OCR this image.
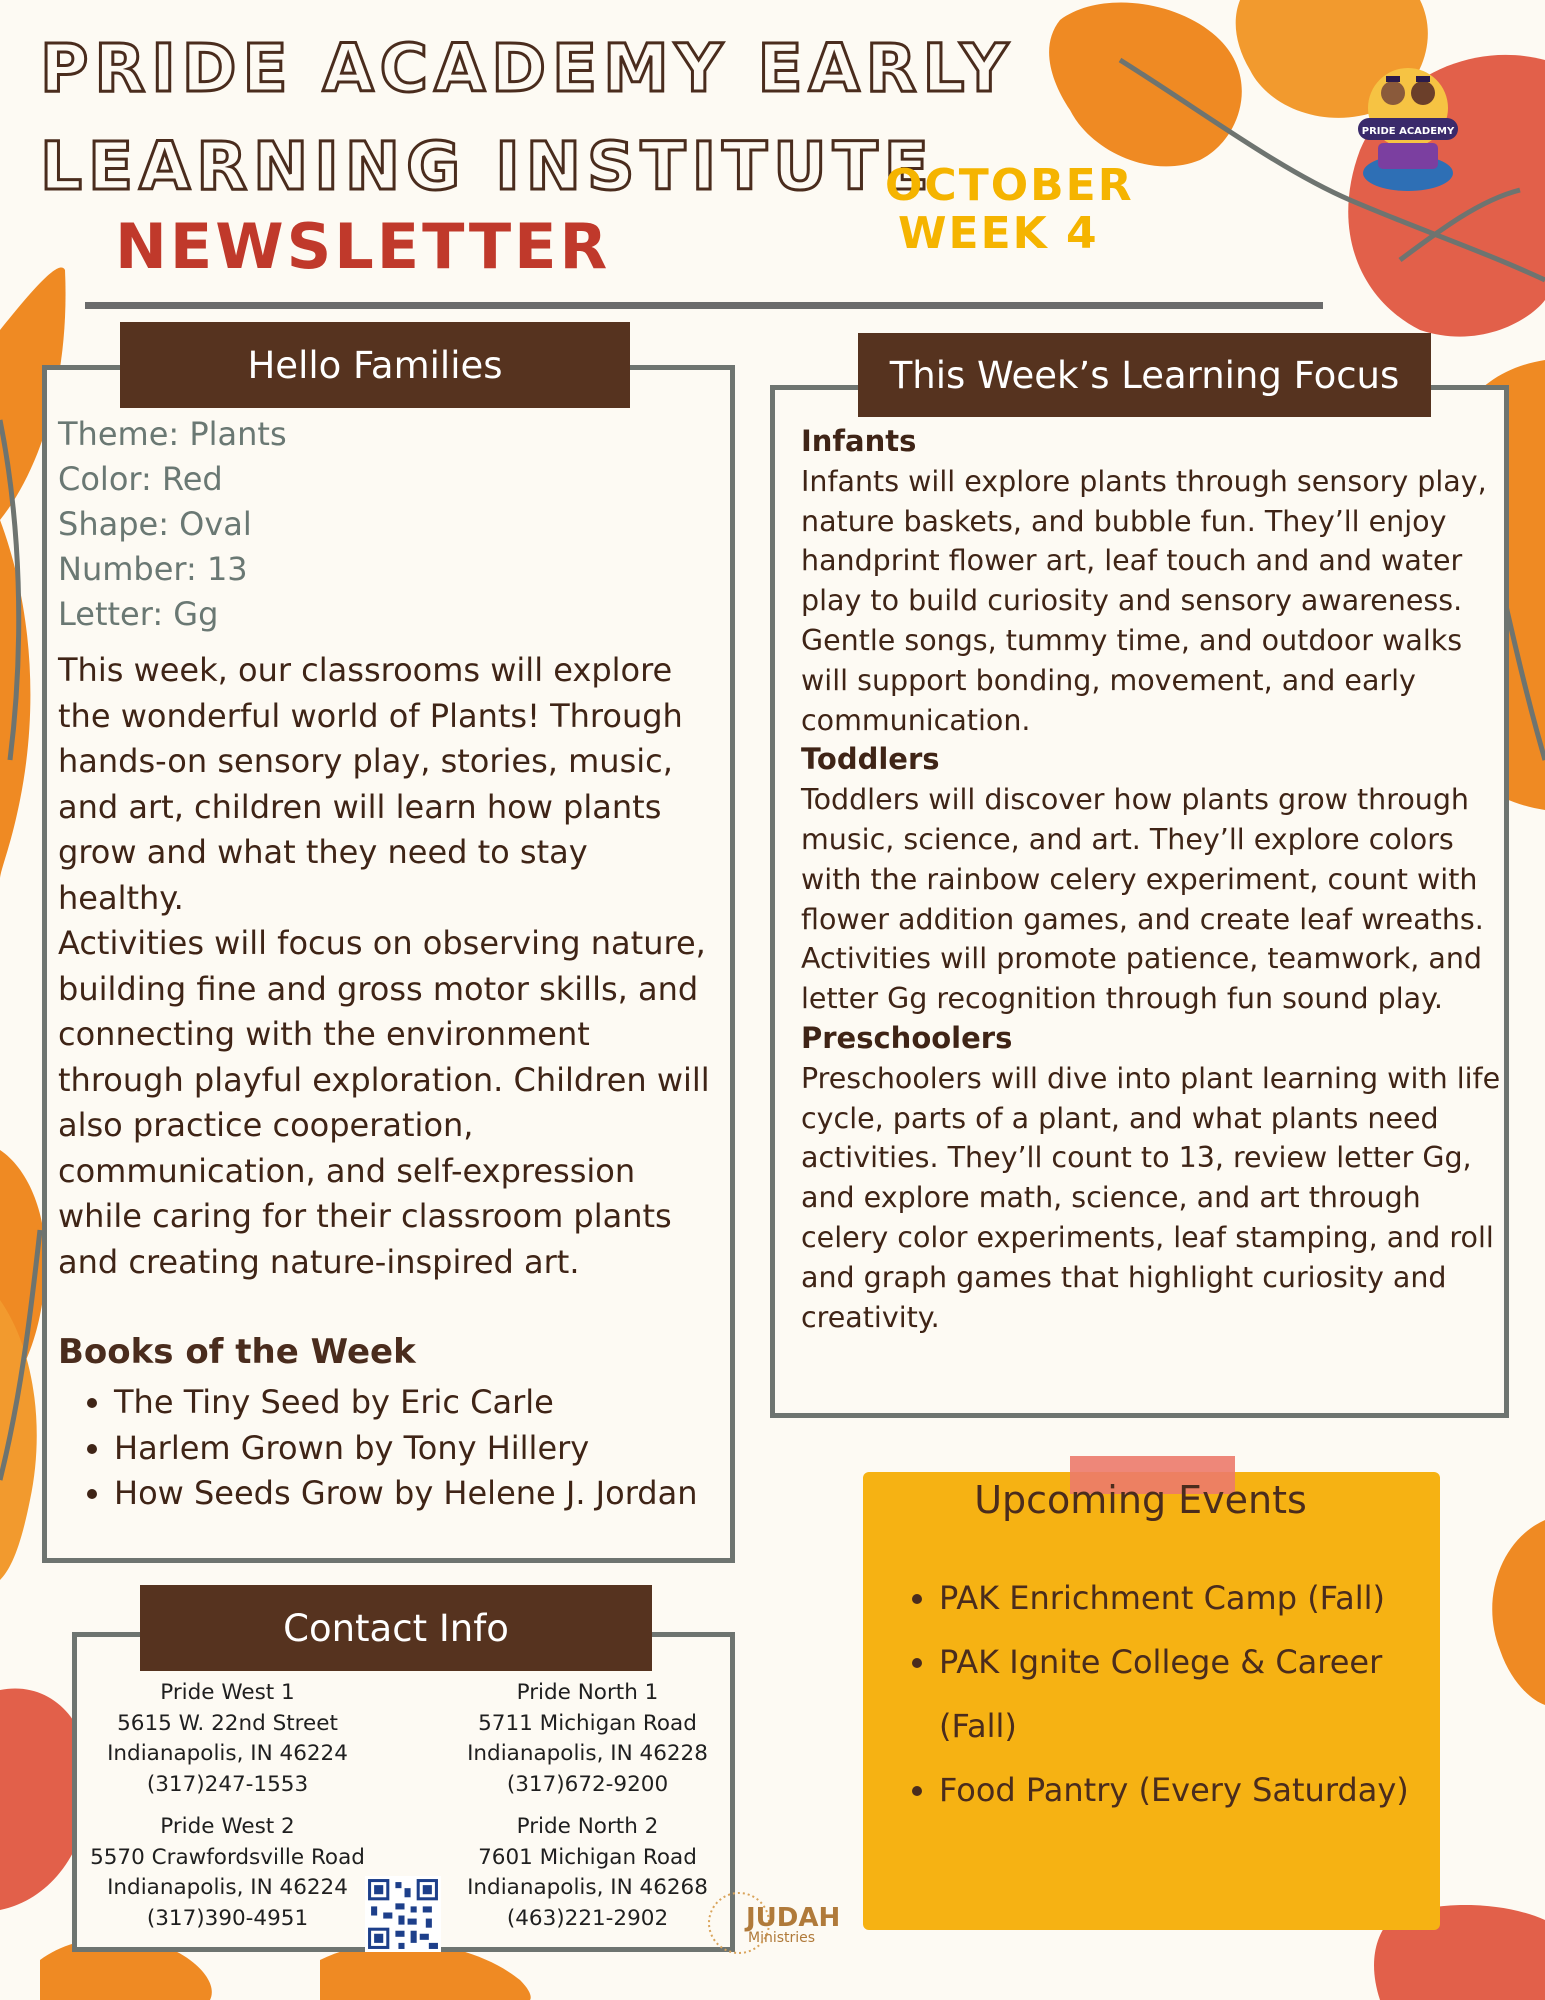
PRIDE ACADEMY EARLY
LEARNING INSTITUTE
NEWSLETTER
OCTOBER
WEEK 4
PRIDE ACADEMY
Hello Families
Theme: Plants
Color: Red
Shape: Oval
Number: 13
Letter: Gg
This week, our classrooms will explore the wonderful world of Plants! Through hands-on sensory play, stories, music, and art, children will learn how plants grow and what they need to stay healthy.
Activities will focus on observing nature, building fine and gross motor skills, and connecting with the environment through playful exploration. Children will also practice cooperation, communication, and self-expression while caring for their classroom plants and creating nature-inspired art.
Books of the Week
• The Tiny Seed by Eric Carle
• Harlem Grown by Tony Hillery
• How Seeds Grow by Helene J. Jordan
This Week’s Learning Focus
Infants
Infants will explore plants through sensory play, nature baskets, and bubble fun. They’ll enjoy handprint flower art, leaf touch and and water play to build curiosity and sensory awareness. Gentle songs, tummy time, and outdoor walks will support bonding, movement, and early communication.
Toddlers
Toddlers will discover how plants grow through music, science, and art. They’ll explore colors with the rainbow celery experiment, count with flower addition games, and create leaf wreaths. Activities will promote patience, teamwork, and letter Gg recognition through fun sound play.
Preschoolers
Preschoolers will dive into plant learning with life cycle, parts of a plant, and what plants need activities. They’ll count to 13, review letter Gg, and explore math, science, and art through celery color experiments, leaf stamping, and roll and graph games that highlight curiosity and creativity.
Contact Info
Pride West 1
5615 W. 22nd Street
Indianapolis, IN 46224
(317)247-1553
Pride North 1
5711 Michigan Road
Indianapolis, IN 46228
(317)672-9200
Pride West 2
5570 Crawfordsville Road
Indianapolis, IN 46224
(317)390-4951
Pride North 2
7601 Michigan Road
Indianapolis, IN 46268
(463)221-2902	JUDAH
Ministries
Upcoming Events
• PAK Enrichment Camp (Fall)
• PAK Ignite College & Career (Fall)
• Food Pantry (Every Saturday)
